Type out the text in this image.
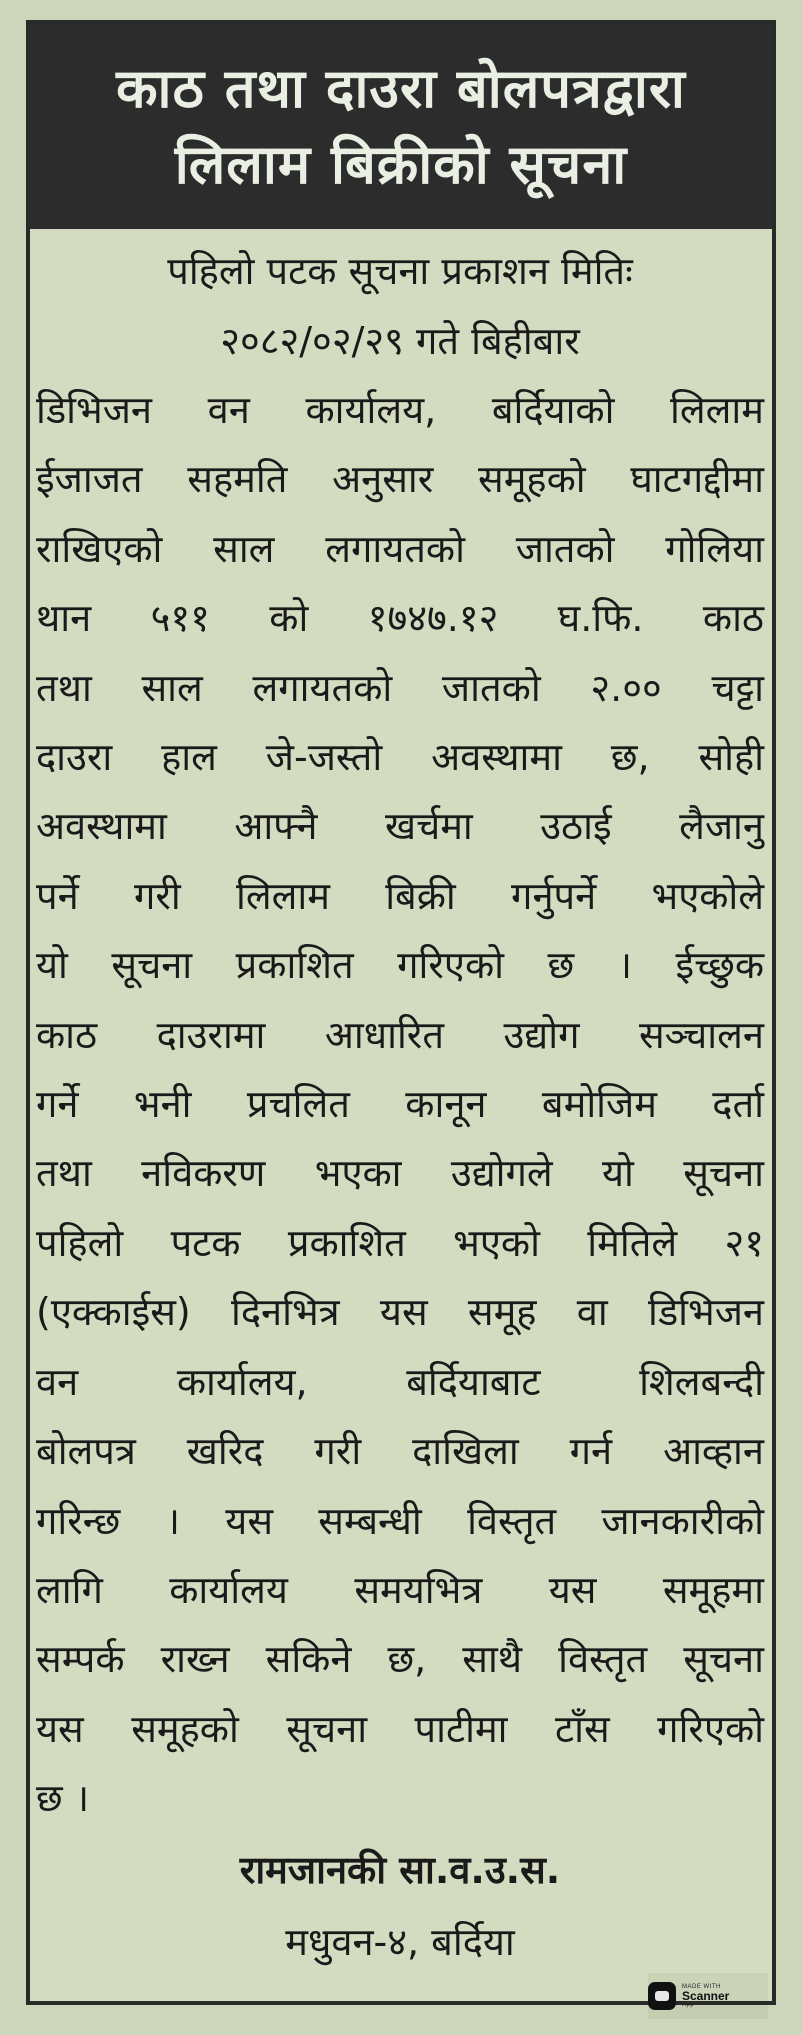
काठ तथा दाउरा बोलपत्रद्वारा
लिलाम बिक्रीको सूचना
पहिलो पटक सूचना प्रकाशन मितिः
२०८२/०२/२९ गते बिहीबार
डिभिजन वन कार्यालय, बर्दियाको लिलाम
ईजाजत सहमति अनुसार समूहको घाटगद्दीमा
राखिएको साल लगायतको जातको गोलिया
थान ५११ को १७४७.१२ घ.फि. काठ
तथा साल लगायतको जातको २.०० चट्टा
दाउरा हाल जे-जस्तो अवस्थामा छ, सोही
अवस्थामा आफ्नै खर्चमा उठाई लैजानु
पर्ने गरी लिलाम बिक्री गर्नुपर्ने भएकोले
यो सूचना प्रकाशित गरिएको छ । ईच्छुक
काठ दाउरामा आधारित उद्योग सञ्चालन
गर्ने भनी प्रचलित कानून बमोजिम दर्ता
तथा नविकरण भएका उद्योगले यो सूचना
पहिलो पटक प्रकाशित भएको मितिले २१
(एक्काईस) दिनभित्र यस समूह वा डिभिजन
वन कार्यालय, बर्दियाबाट शिलबन्दी
बोलपत्र खरिद गरी दाखिला गर्न आव्हान
गरिन्छ । यस सम्बन्धी विस्तृत जानकारीको
लागि कार्यालय समयभित्र यस समूहमा
सम्पर्क राख्न सकिने छ, साथै विस्तृत सूचना
यस समूहको सूचना पाटीमा टाँस गरिएको
छ ।
रामजानकी सा.व.उ.स.
मधुवन-४, बर्दिया
MADE WITH
Scanner
App
